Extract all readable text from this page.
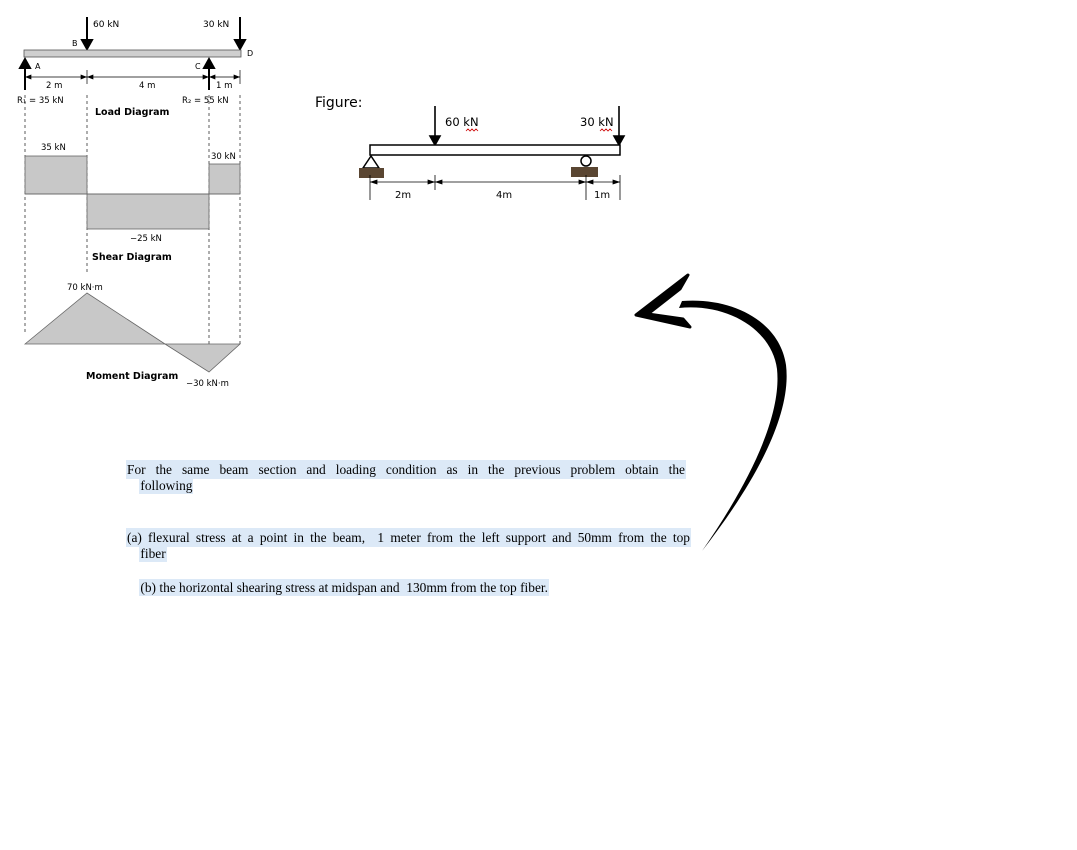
60 kN	30 kN
B
D
A	C
2 m	4 m	1 m
R₁ = 35 kN	R₂ = 55 kN
Load Diagram
35 kN
30 kN
−25 kN
Shear Diagram
70 kN·m
Moment Diagram
−30 kN·m
Figure:
60 kN	30 kN
2m	4m	1m

For the same beam section and loading condition as in the previous problem obtain the

following

(a) flexural stress at a point in the beam,  1 meter from the left support and 50mm from the top

fiber

(b) the horizontal shearing stress at midspan and  130mm from the top fiber.
